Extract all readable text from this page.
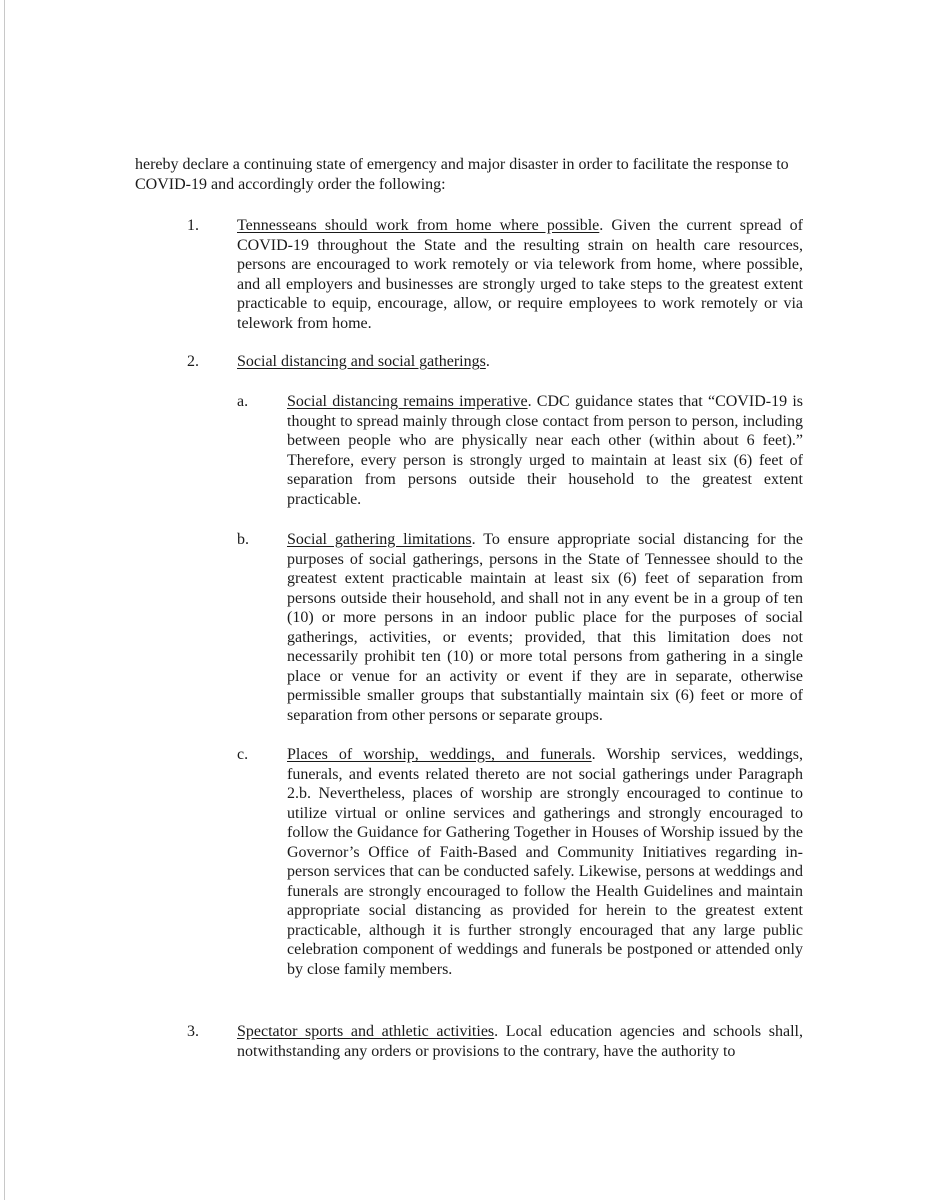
hereby declare a continuing state of emergency and major disaster in order to facilitate the response to COVID-19 and accordingly order the following:

1. Tennesseans should work from home where possible. Given the current spread of COVID-19 throughout the State and the resulting strain on health care resources, persons are encouraged to work remotely or via telework from home, where possible, and all employers and businesses are strongly urged to take steps to the greatest extent practicable to equip, encourage, allow, or require employees to work remotely or via telework from home.

2. Social distancing and social gatherings.

a. Social distancing remains imperative. CDC guidance states that “COVID-19 is thought to spread mainly through close contact from person to person, including between people who are physically near each other (within about 6 feet).” Therefore, every person is strongly urged to maintain at least six (6) feet of separation from persons outside their household to the greatest extent practicable.

b. Social gathering limitations. To ensure appropriate social distancing for the purposes of social gatherings, persons in the State of Tennessee should to the greatest extent practicable maintain at least six (6) feet of separation from persons outside their household, and shall not in any event be in a group of ten (10) or more persons in an indoor public place for the purposes of social gatherings, activities, or events; provided, that this limitation does not necessarily prohibit ten (10) or more total persons from gathering in a single place or venue for an activity or event if they are in separate, otherwise permissible smaller groups that substantially maintain six (6) feet or more of separation from other persons or separate groups.

c. Places of worship, weddings, and funerals. Worship services, weddings, funerals, and events related thereto are not social gatherings under Paragraph 2.b. Nevertheless, places of worship are strongly encouraged to continue to utilize virtual or online services and gatherings and strongly encouraged to follow the Guidance for Gathering Together in Houses of Worship issued by the Governor’s Office of Faith-Based and Community Initiatives regarding in-person services that can be conducted safely. Likewise, persons at weddings and funerals are strongly encouraged to follow the Health Guidelines and maintain appropriate social distancing as provided for herein to the greatest extent practicable, although it is further strongly encouraged that any large public celebration component of weddings and funerals be postponed or attended only by close family members.

3. Spectator sports and athletic activities. Local education agencies and schools shall, notwithstanding any orders or provisions to the contrary, have the authority to
